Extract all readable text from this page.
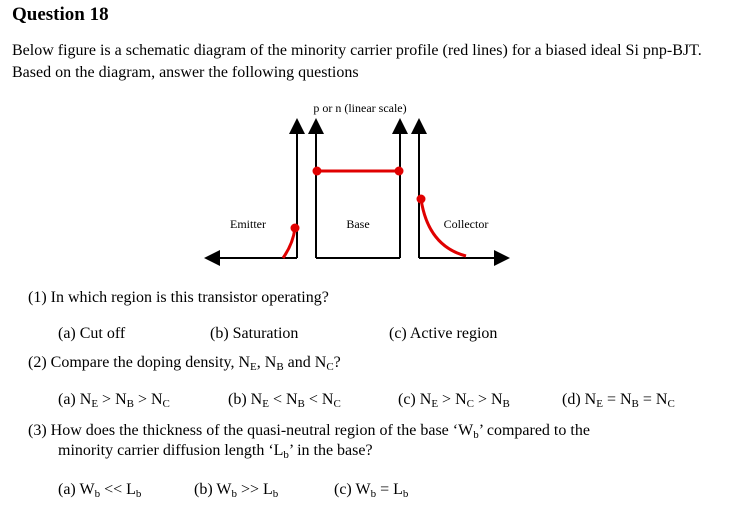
Question 18
Below figure is a schematic diagram of the minority carrier profile (red lines) for a biased ideal Si pnp-BJT. Based on the diagram, answer the following questions
p or n (linear scale)
Emitter	Base	Collector
(1) In which region is this transistor operating?
(a) Cut off	(b) Saturation	(c) Active region
(2) Compare the doping density, $N_E$, $N_B$ and $N_C$?
(a) $N_E > N_B > N_C$	(b) $N_E < N_B < N_C$	(c) $N_E > N_C > N_B$	(d) $N_E = N_B = N_C$
(3) How does the thickness of the quasi-neutral region of the base ‘$W_b$’ compared to the
minority carrier diffusion length ‘$L_b$’ in the base?
(a) $W_b << L_b$	(b) $W_b >> L_b$	(c) $W_b = L_b$
